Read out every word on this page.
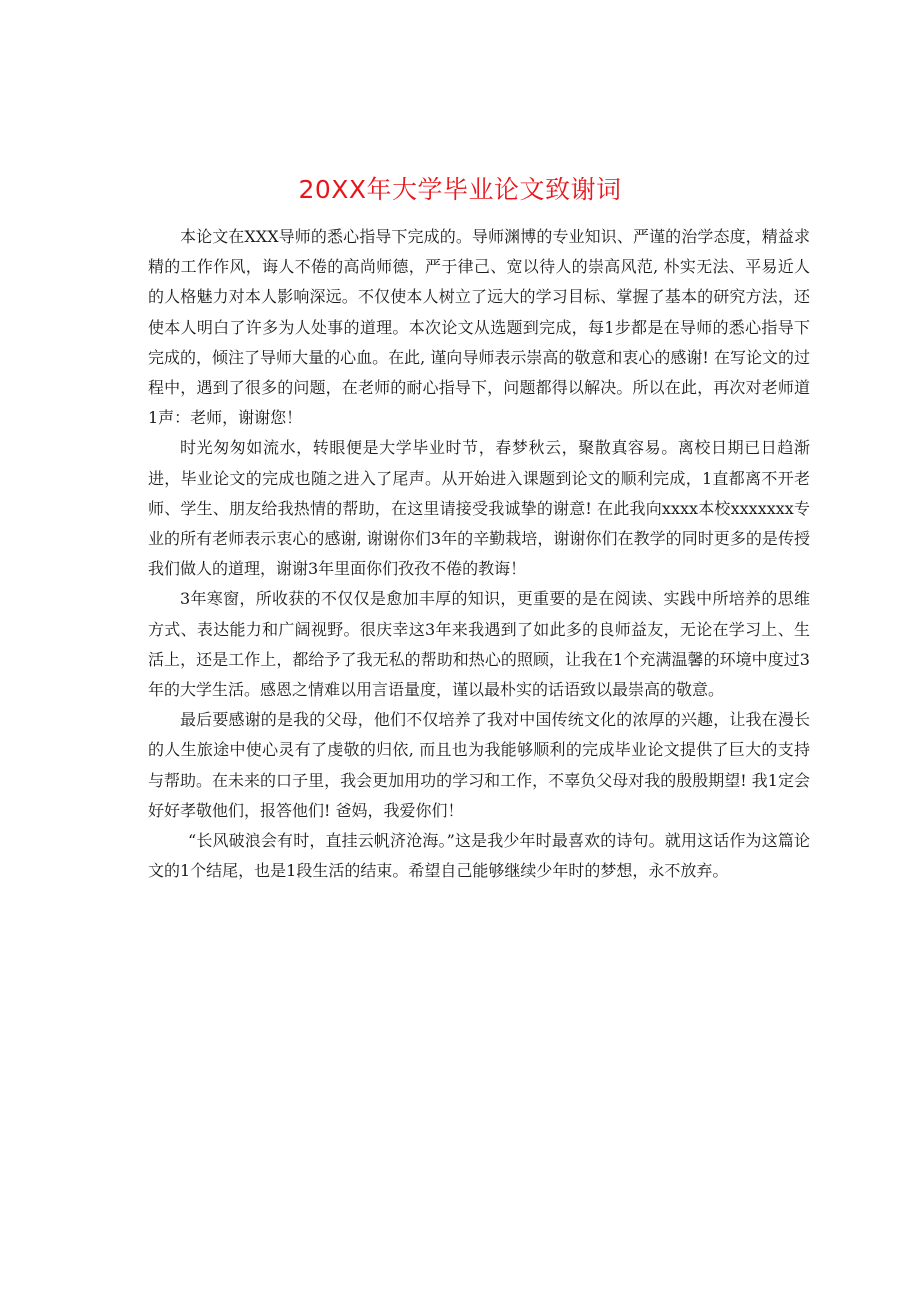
20XX年大学毕业论文致谢词

本论文在XXX导师的悉心指导下完成的。导师渊博的专业知识、严谨的治学态度，精益求精的工作作风，诲人不倦的高尚师德，严于律己、宽以待人的崇高风范, 朴实无法、平易近人的人格魅力对本人影响深远。不仅使本人树立了远大的学习目标、掌握了基本的研究方法，还使本人明白了许多为人处事的道理。本次论文从选题到完成，每1步都是在导师的悉心指导下完成的，倾注了导师大量的心血。在此, 谨向导师表示崇高的敬意和衷心的感谢! 在写论文的过程中，遇到了很多的问题，在老师的耐心指导下，问题都得以解决。所以在此，再次对老师道1声：老师，谢谢您！

时光匆匆如流水，转眼便是大学毕业时节，春梦秋云，聚散真容易。离校日期已日趋渐进，毕业论文的完成也随之进入了尾声。从开始进入课题到论文的顺利完成，1直都离不开老师、学生、朋友给我热情的帮助，在这里请接受我诚挚的谢意! 在此我向xxxx本校xxxxxxx专业的所有老师表示衷心的感谢, 谢谢你们3年的辛勤栽培，谢谢你们在教学的同时更多的是传授我们做人的道理，谢谢3年里面你们孜孜不倦的教诲！

3年寒窗，所收获的不仅仅是愈加丰厚的知识，更重要的是在阅读、实践中所培养的思维方式、表达能力和广阔视野。很庆幸这3年来我遇到了如此多的良师益友，无论在学习上、生活上，还是工作上，都给予了我无私的帮助和热心的照顾，让我在1个充满温馨的环境中度过3年的大学生活。感恩之情难以用言语量度，谨以最朴实的话语致以最崇高的敬意。

最后要感谢的是我的父母，他们不仅培养了我对中国传统文化的浓厚的兴趣，让我在漫长的人生旅途中使心灵有了虔敬的归依, 而且也为我能够顺利的完成毕业论文提供了巨大的支持与帮助。在未来的口子里，我会更加用功的学习和工作，不辜负父母对我的殷殷期望! 我1定会好好孝敬他们，报答他们! 爸妈，我爱你们！

“长风破浪会有时，直挂云帆济沧海。”这是我少年时最喜欢的诗句。就用这话作为这篇论文的1个结尾，也是1段生活的结束。希望自己能够继续少年时的梦想，永不放弃。
